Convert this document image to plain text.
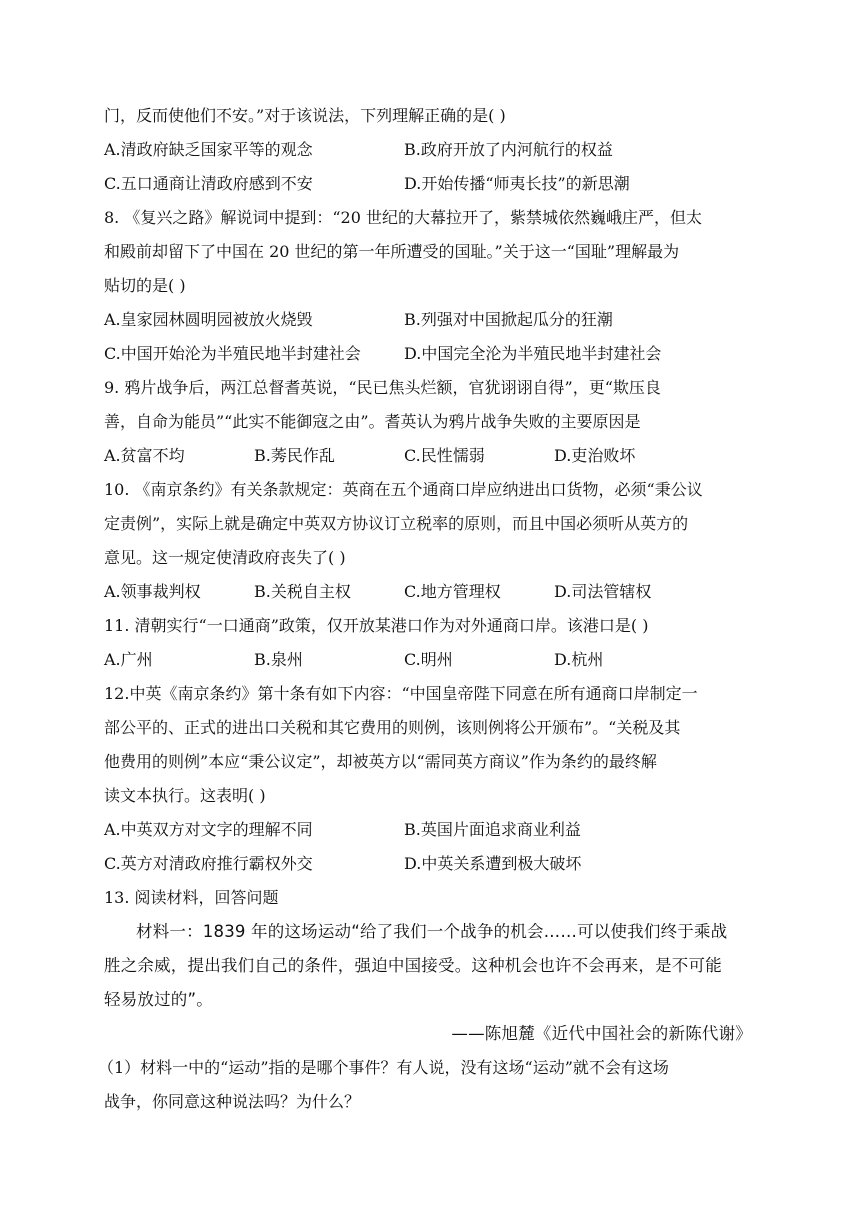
门，反而使他们不安。”对于该说法，下列理解正确的是( )
A.清政府缺乏国家平等的观念	B.政府开放了内河航行的权益
C.五口通商让清政府感到不安	D.开始传播“师夷长技”的新思潮
8. 《复兴之路》解说词中提到：“20 世纪的大幕拉开了，紫禁城依然巍峨庄严，但太
和殿前却留下了中国在 20 世纪的第一年所遭受的国耻。”关于这一“国耻”理解最为
贴切的是( )
A.皇家园林圆明园被放火烧毁	B.列强对中国掀起瓜分的狂潮
C.中国开始沦为半殖民地半封建社会	D.中国完全沦为半殖民地半封建社会
9. 鸦片战争后，两江总督耆英说，“民已焦头烂额，官犹诩诩自得”，更“欺压良
善，自命为能员”“此实不能御寇之由”。耆英认为鸦片战争失败的主要原因是
A.贫富不均	B.莠民作乱	C.民性懦弱	D.吏治败坏
10. 《南京条约》有关条款规定：英商在五个通商口岸应纳进出口货物，必须“秉公议
定责例”，实际上就是确定中英双方协议订立税率的原则，而且中国必须听从英方的
意见。这一规定使清政府丧失了( )
A.领事裁判权	B.关税自主权	C.地方管理权	D.司法管辖权
11. 清朝实行“一口通商”政策，仅开放某港口作为对外通商口岸。该港口是( )
A.广州	B.泉州	C.明州	D.杭州
12.中英《南京条约》第十条有如下内容：“中国皇帝陛下同意在所有通商口岸制定一
部公平的、正式的进出口关税和其它费用的则例，该则例将公开颁布”。“关税及其
他费用的则例”本应“秉公议定”，却被英方以“需同英方商议”作为条约的最终解
读文本执行。这表明( )
A.中英双方对文字的理解不同	B.英国片面追求商业利益
C.英方对清政府推行霸权外交	D.中英关系遭到极大破坏
13. 阅读材料，回答问题
材料一：1839 年的这场运动“给了我们一个战争的机会……可以使我们终于乘战
胜之余威，提出我们自己的条件，强迫中国接受。这种机会也许不会再来，是不可能
轻易放过的”。
——陈旭麓《近代中国社会的新陈代谢》
（1）材料一中的“运动”指的是哪个事件？有人说，没有这场“运动”就不会有这场
战争，你同意这种说法吗？为什么？
